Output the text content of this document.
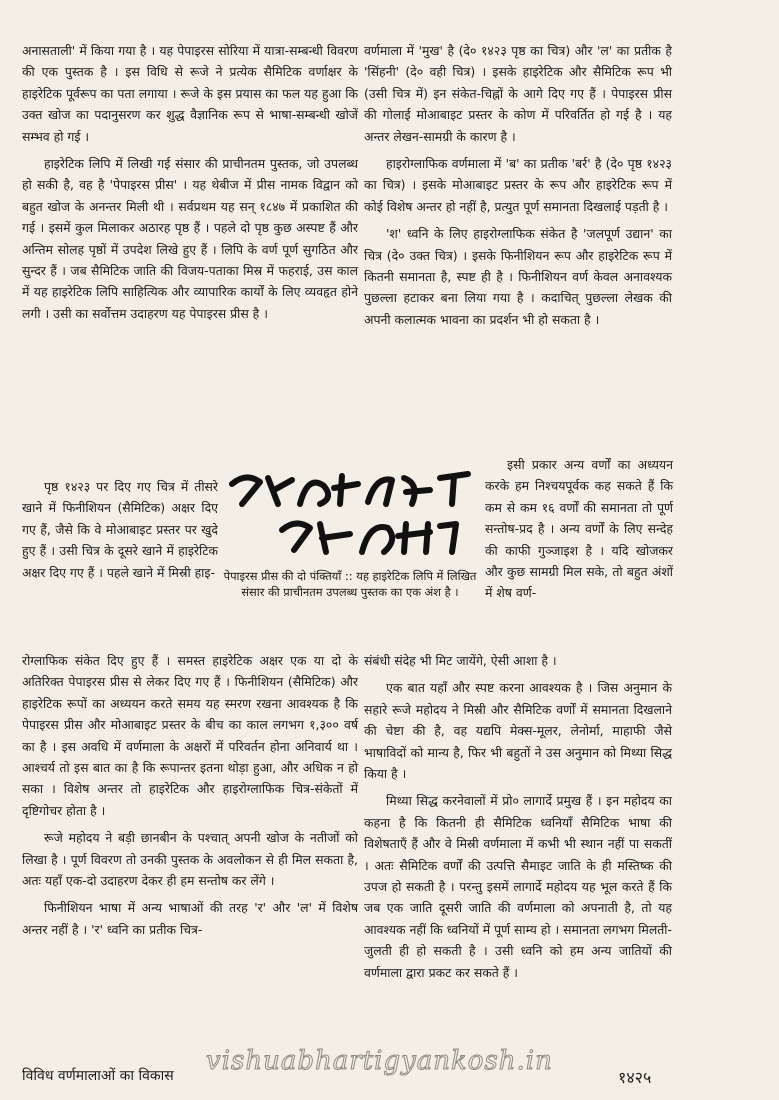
अनासताली' में किया गया है । यह पेपाइरस सोरिया में यात्रा-सम्बन्धी विवरण की एक पुस्तक है । इस विधि से रूजे ने प्रत्येक सैमिटिक वर्णाक्षर के हाइरेटिक पूर्वरूप का पता लगाया । रूजे के इस प्रयास का फल यह हुआ कि उक्त खोज का पदानुसरण कर शुद्ध वैज्ञानिक रूप से भाषा-सम्बन्धी खोजें सम्भव हो गई ।

हाइरेटिक लिपि में लिखी गई संसार की प्राचीनतम पुस्तक, जो उपलब्ध हो सकी है, वह है 'पेपाइरस प्रीस' । यह थेबीज में प्रीस नामक विद्वान को बहुत खोज के अनन्तर मिली थी । सर्वप्रथम यह सन् १८४७ में प्रकाशित की गई । इसमें कुल मिलाकर अठारह पृष्ठ हैं । पहले दो पृष्ठ कुछ अस्पष्ट हैं और अन्तिम सोलह पृष्ठों में उपदेश लिखे हुए हैं । लिपि के वर्ण पूर्ण सुगठित और सुन्दर हैं । जब सैमिटिक जाति की विजय-पताका मिस्र में फहराई, उस काल में यह हाइरेटिक लिपि साहित्यिक और व्यापारिक कार्यों के लिए व्यवहृत होने लगी । उसी का सर्वोत्तम उदाहरण यह पेपाइरस प्रीस है ।

वर्णमाला में 'मुख' है (दे० १४२३ पृष्ठ का चित्र) और 'ल' का प्रतीक है 'सिंहनी' (दे० वही चित्र) । इसके हाइरेटिक और सैमिटिक रूप भी (उसी चित्र में) इन संकेत-चिह्नों के आगे दिए गए हैं । पेपाइरस प्रीस की गोलाई मोआबाइट प्रस्तर के कोण में परिवर्तित हो गई है । यह अन्तर लेखन-सामग्री के कारण है ।

हाइरोग्लाफिक वर्णमाला में 'ब' का प्रतीक 'बर्र' है (दे० पृष्ठ १४२३ का चित्र) । इसके मोआबाइट प्रस्तर के रूप और हाइरेटिक रूप में कोई विशेष अन्तर हो नहीं है, प्रत्युत पूर्ण समानता दिखलाई पड़ती है ।

'श' ध्वनि के लिए हाइरोग्लाफिक संकेत है 'जलपूर्ण उद्यान' का चित्र (दे० उक्त चित्र) । इसके फिनीशियन रूप और हाइरेटिक रूप में कितनी समानता है, स्पष्ट ही है । फिनीशियन वर्ण केवल अनावश्यक पुछल्ला हटाकर बना लिया गया है । कदाचित् पुछल्ला लेखक की अपनी कलात्मक भावना का प्रदर्शन भी हो सकता है ।

पृष्ठ १४२३ पर दिए गए चित्र में तीसरे खाने में फिनीशियन (सैमिटिक) अक्षर दिए गए हैं, जैसे कि वे मोआबाइट प्रस्तर पर खुदे हुए हैं । उसी चित्र के दूसरे खाने में हाइरेटिक अक्षर दिए गए हैं । पहले खाने में मिस्री हाइ- पेपाइरस प्रीस की दो पंक्तियाँ :: यह हाइरेटिक लिपि में लिखित संसार की प्राचीनतम उपलब्ध पुस्तक का एक अंश है ।

इसी प्रकार अन्य वर्णों का अध्ययन करके हम निश्चयपूर्वक कह सकते हैं कि कम से कम १६ वर्णों की समानता तो पूर्ण सन्तोष-प्रद है । अन्य वर्णों के लिए सन्देह की काफी गुञ्जाइश है । यदि खोजकर और कुछ सामग्री मिल सके, तो बहुत अंशों में शेष वर्ण-

रोग्लाफिक संकेत दिए हुए हैं । समस्त हाइरेटिक अक्षर एक या दो के अतिरिक्त पेपाइरस प्रीस से लेकर दिए गए हैं । फिनीशियन (सैमिटिक) और हाइरेटिक रूपों का अध्ययन करते समय यह स्मरण रखना आवश्यक है कि पेपाइरस प्रीस और मोआबाइट प्रस्तर के बीच का काल लगभग १,३०० वर्ष का है । इस अवधि में वर्णमाला के अक्षरों में परिवर्तन होना अनिवार्य था । आश्चर्य तो इस बात का है कि रूपान्तर इतना थोड़ा हुआ, और अधिक न हो सका । विशेष अन्तर तो हाइरेटिक और हाइरोग्लाफिक चित्र-संकेतों में दृष्टिगोचर होता है ।

रूजे महोदय ने बड़ी छानबीन के पश्चात् अपनी खोज के नतीजों को लिखा है । पूर्ण विवरण तो उनकी पुस्तक के अवलोकन से ही मिल सकता है, अतः यहाँ एक-दो उदाहरण देकर ही हम सन्तोष कर लेंगे ।

फिनीशियन भाषा में अन्य भाषाओं की तरह 'र' और 'ल' में विशेष अन्तर नहीं है । 'र' ध्वनि का प्रतीक चित्र-

संबंधी संदेह भी मिट जायेंगे, ऐसी आशा है ।

एक बात यहाँ और स्पष्ट करना आवश्यक है । जिस अनुमान के सहारे रूजे महोदय ने मिस्री और सैमिटिक वर्णों में समानता दिखलाने की चेष्टा की है, वह यद्यपि मेक्स-मूलर, लेनोर्मा, माहाफी जैसे भाषाविदों को मान्य है, फिर भी बहुतों ने उस अनुमान को मिथ्या सिद्ध किया है ।

मिथ्या सिद्ध करनेवालों में प्रो० लागार्दे प्रमुख हैं । इन महोदय का कहना है कि कितनी ही सैमिटिक ध्वनियाँ सैमिटिक भाषा की विशेषताएँ हैं और वे मिस्री वर्णमाला में कभी भी स्थान नहीं पा सकतीं । अतः सैमिटिक वर्णों की उत्पत्ति सैमाइट जाति के ही मस्तिष्क की उपज हो सकती है । परन्तु इसमें लागार्दे महोदय यह भूल करते हैं कि जब एक जाति दूसरी जाति की वर्णमाला को अपनाती है, तो यह आवश्यक नहीं कि ध्वनियों में पूर्ण साम्य हो । समानता लगभग मिलती-जुलती ही हो सकती है । उसी ध्वनि को हम अन्य जातियों की वर्णमाला द्वारा प्रकट कर सकते हैं ।

विविध वर्णमालाओं का विकास vishuabhartigyankosh.in
१४२५
